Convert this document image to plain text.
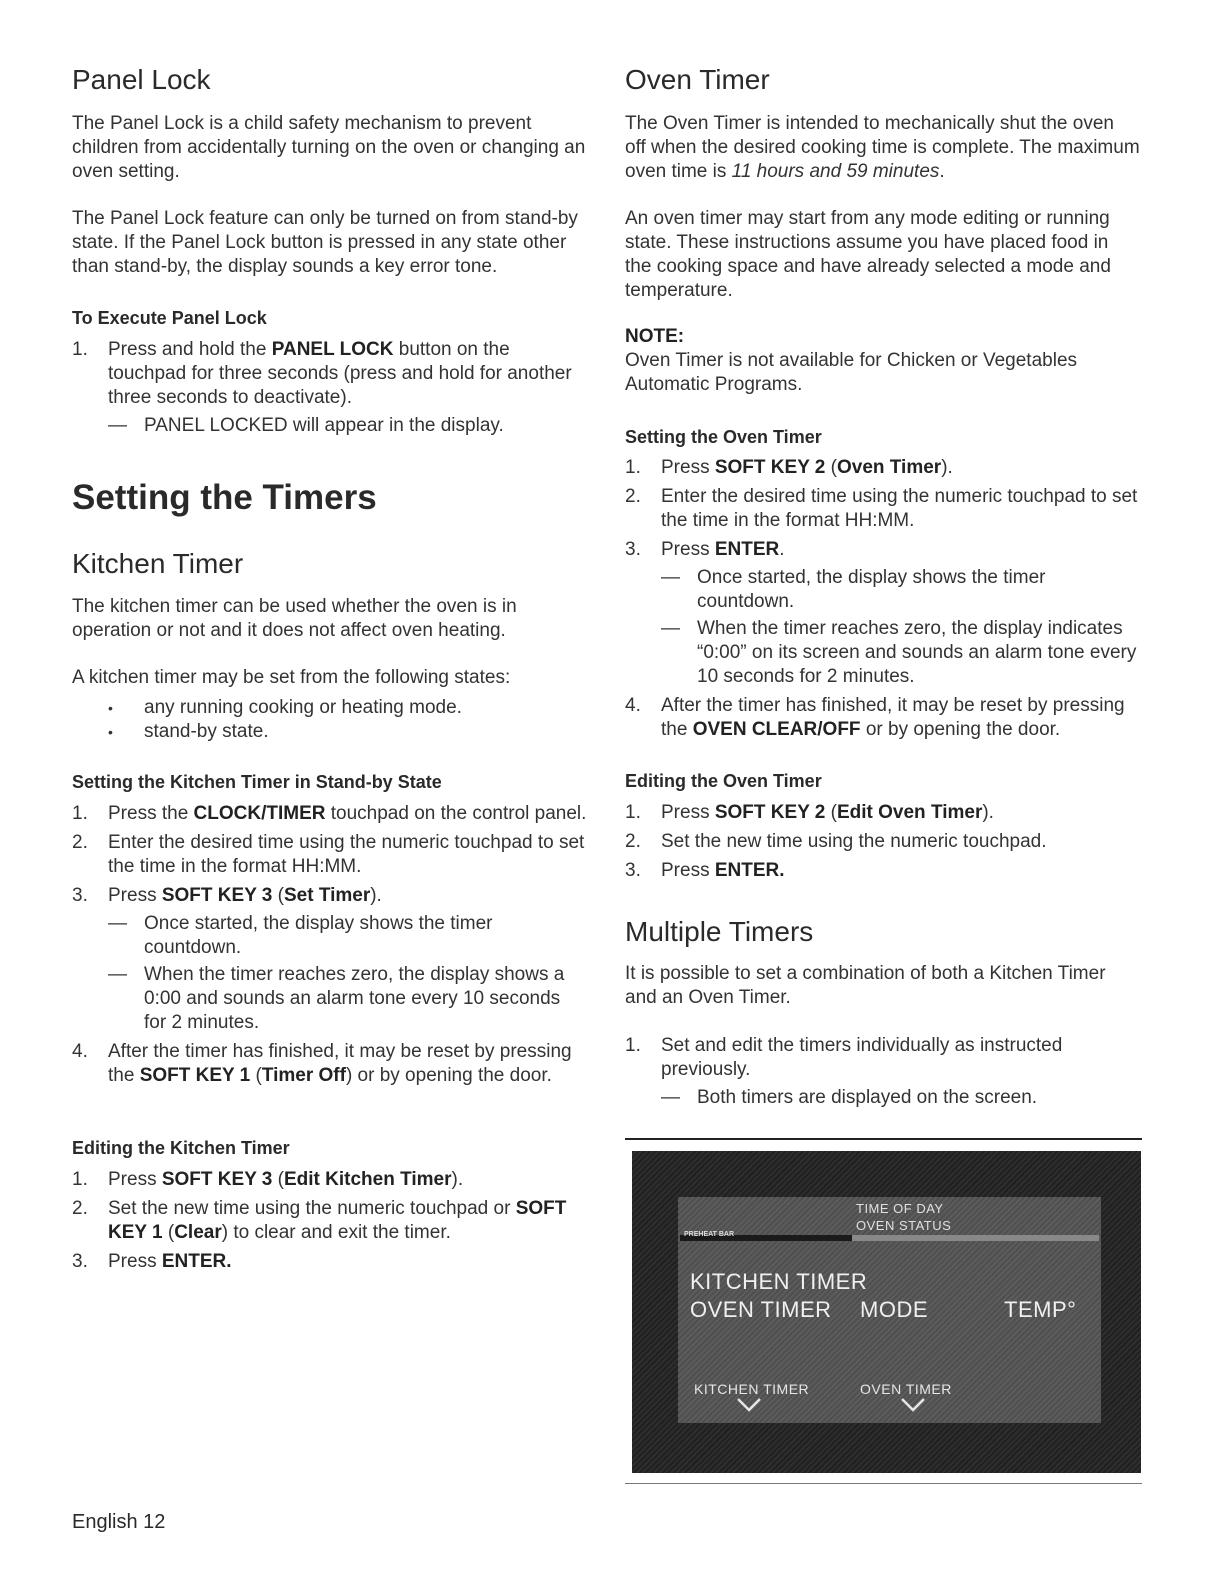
Panel Lock

The Panel Lock is a child safety mechanism to prevent children from accidentally turning on the oven or changing an oven setting.

The Panel Lock feature can only be turned on from stand-by state. If the Panel Lock button is pressed in any state other than stand-by, the display sounds a key error tone.

To Execute Panel Lock
1.	Press and hold the PANEL LOCK button on the touchpad for three seconds (press and hold for another three seconds to deactivate).
— PANEL LOCKED will appear in the display.
Setting the Timers
Kitchen Timer

The kitchen timer can be used whether the oven is in operation or not and it does not affect oven heating.

A kitchen timer may be set from the following states:

• any running cooking or heating mode.
• stand-by state.
Setting the Kitchen Timer in Stand-by State
1.	Press the CLOCK/TIMER touchpad on the control panel.
2.	Enter the desired time using the numeric touchpad to set the time in the format HH:MM.
3.	Press SOFT KEY 3 (Set Timer).
— Once started, the display shows the timer countdown.
— When the timer reaches zero, the display shows a 0:00 and sounds an alarm tone every 10 seconds for 2 minutes.
4.	After the timer has finished, it may be reset by pressing the SOFT KEY 1 (Timer Off) or by opening the door.
Editing the Kitchen Timer
1.	Press SOFT KEY 3 (Edit Kitchen Timer).
2.	Set the new time using the numeric touchpad or SOFT KEY 1 (Clear) to clear and exit the timer.
3.	Press ENTER.
Oven Timer

The Oven Timer is intended to mechanically shut the oven off when the desired cooking time is complete. The maximum oven time is 11 hours and 59 minutes.

An oven timer may start from any mode editing or running state. These instructions assume you have placed food in the cooking space and have already selected a mode and temperature.

NOTE:
Oven Timer is not available for Chicken or Vegetables Automatic Programs.
Setting the Oven Timer
1.	Press SOFT KEY 2 (Oven Timer).
2.	Enter the desired time using the numeric touchpad to set the time in the format HH:MM.
3.	Press ENTER.
— Once started, the display shows the timer countdown.
— When the timer reaches zero, the display indicates “0:00” on its screen and sounds an alarm tone every 10 seconds for 2 minutes.
4.	After the timer has finished, it may be reset by pressing the OVEN CLEAR/OFF or by opening the door.
Editing the Oven Timer
1.	Press SOFT KEY 2 (Edit Oven Timer).
2.	Set the new time using the numeric touchpad.
3.	Press ENTER.
Multiple Timers

It is possible to set a combination of both a Kitchen Timer and an Oven Timer.

1.	Set and edit the timers individually as instructed previously.
— Both timers are displayed on the screen.
TIME OF DAY
OVEN STATUS
PREHEAT BAR
KITCHEN TIMER
OVEN TIMER MODE	TEMP°
KITCHEN TIMER	OVEN TIMER
English 12
